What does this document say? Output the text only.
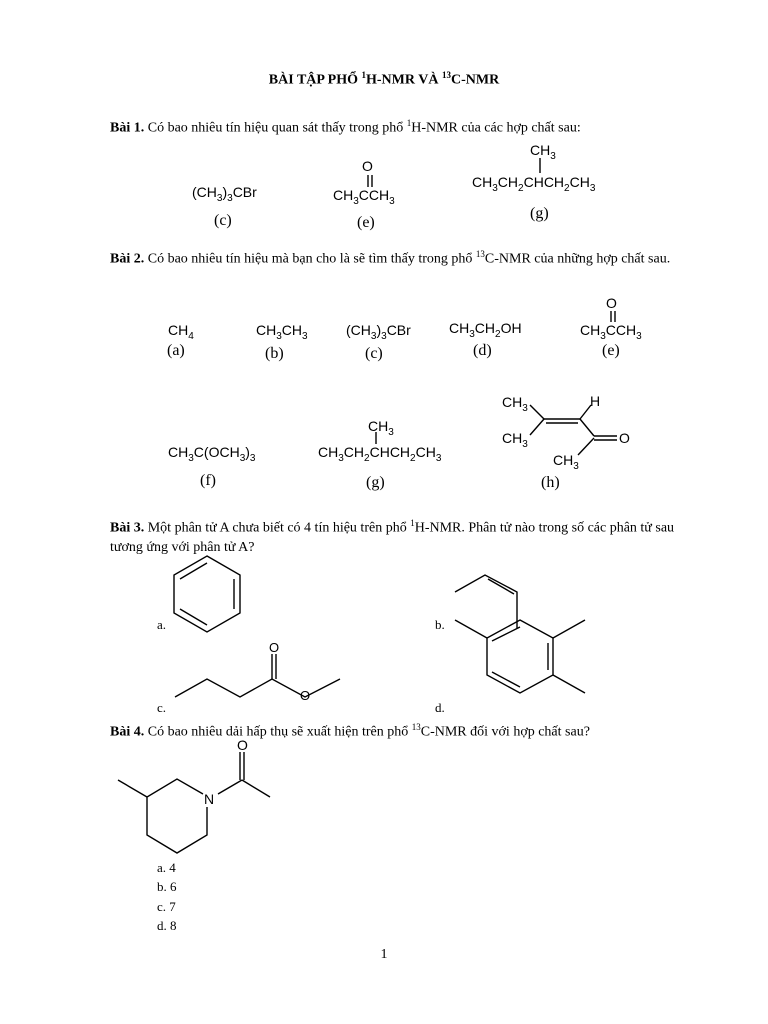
BÀI TẬP PHỔ $^1$H-NMR VÀ $^{13}$C-NMR
Bài 1. Có bao nhiêu tín hiệu quan sát thấy trong phổ $^1$H-NMR của các hợp chất sau:
$(CH_3)_3CBr$
(c)
O
$CH_3CCH_3$
(e)
$CH_3$
$CH_3CH_2CHCH_2CH_3$
(g)
Bài 2. Có bao nhiêu tín hiệu mà bạn cho là sẽ tìm thấy trong phổ $^{13}$C-NMR của những hợp chất sau.
$CH_4$
(a)
$CH_3CH_3$
(b)
$(CH_3)_3CBr$
(c)
$CH_3CH_2OH$
(d)
O
$CH_3CCH_3$
(e)
$CH_3C(OCH_3)_3$
(f)
$CH_3$
$CH_3CH_2CHCH_2CH_3$
(g)
$CH_3$
$CH_3$
H
O
$CH_3$
(h)
Bài 3. Một phân tử A chưa biết có 4 tín hiệu trên phổ $^1$H-NMR. Phân tử nào trong số các phân tử sau tương ứng với phân tử A?
O
O
a.	b.
c.	d.
Bài 4. Có bao nhiêu dải hấp thụ sẽ xuất hiện trên phổ $^{13}$C-NMR đối với hợp chất sau?
N
O
a. 4
b. 6
c. 7
d. 8
1
